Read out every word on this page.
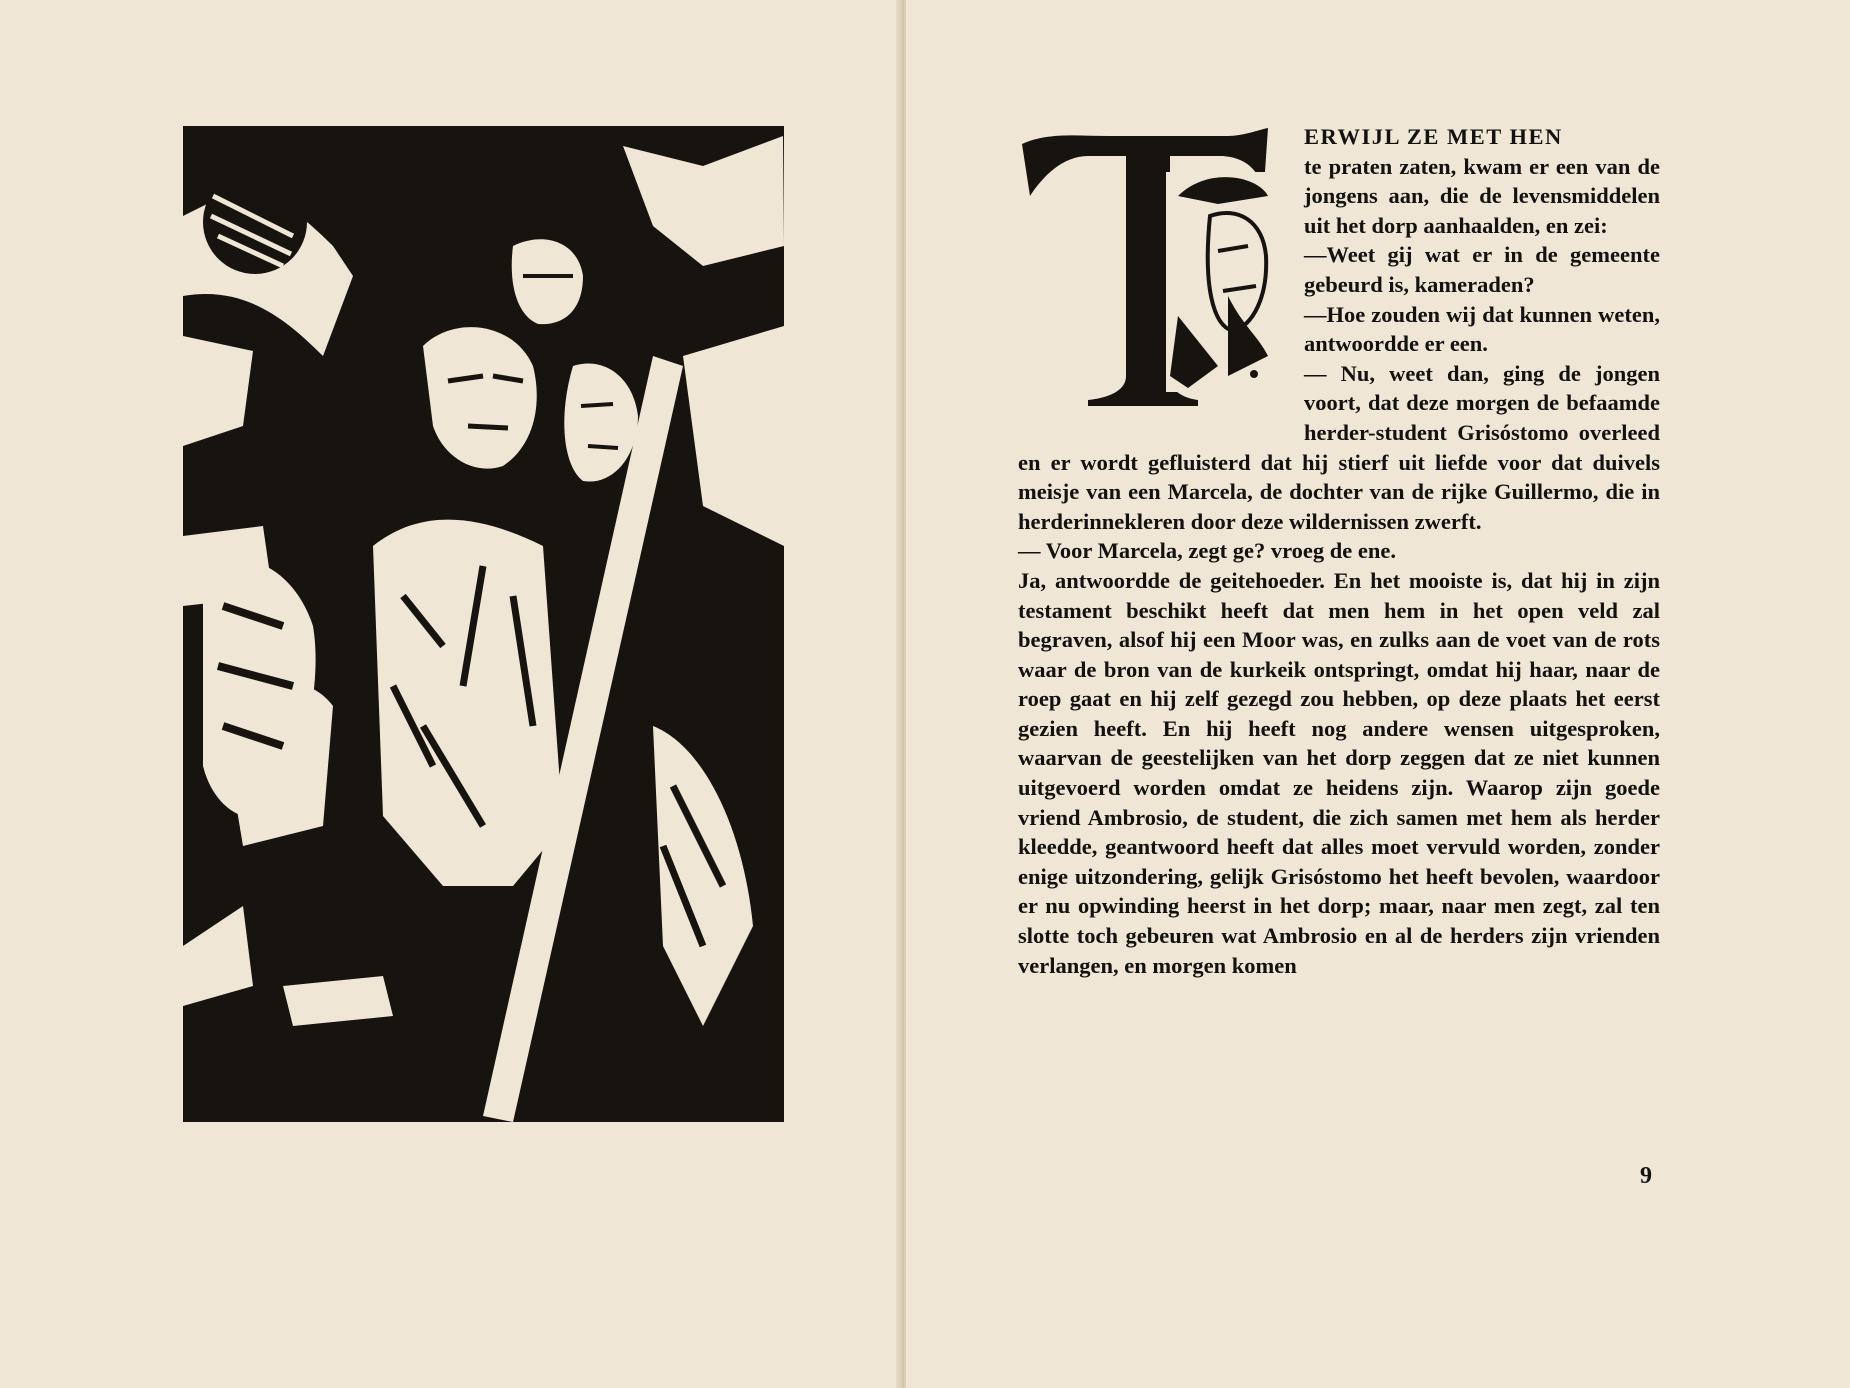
ERWIJL ZE MET HEN

te praten zaten, kwam er een van de jongens aan, die de levensmiddelen uit het dorp aanhaalden, en zei:

—Weet gij wat er in de gemeente gebeurd is, kameraden?

—Hoe zouden wij dat kunnen weten, antwoordde er een.

— Nu, weet dan, ging de jongen voort, dat deze morgen de befaamde herder-student Grisóstomo overleed en er wordt gefluisterd dat hij stierf uit liefde voor dat duivels meisje van een Marcela, de dochter van de rijke Guillermo, die in herderinnekleren door deze wildernissen zwerft.

— Voor Marcela, zegt ge? vroeg de ene.

Ja, antwoordde de geitehoeder. En het mooiste is, dat hij in zijn testament beschikt heeft dat men hem in het open veld zal begraven, alsof hij een Moor was, en zulks aan de voet van de rots waar de bron van de kurkeik ontspringt, omdat hij haar, naar de roep gaat en hij zelf gezegd zou hebben, op deze plaats het eerst gezien heeft. En hij heeft nog andere wensen uitgesproken, waarvan de geestelijken van het dorp zeggen dat ze niet kunnen uitgevoerd worden omdat ze heidens zijn. Waarop zijn goede vriend Ambrosio, de student, die zich samen met hem als herder kleedde, geantwoord heeft dat alles moet vervuld worden, zonder enige uitzondering, gelijk Grisóstomo het heeft bevolen, waardoor er nu opwinding heerst in het dorp; maar, naar men zegt, zal ten slotte toch gebeuren wat Ambrosio en al de herders zijn vrienden verlangen, en morgen komen

9
